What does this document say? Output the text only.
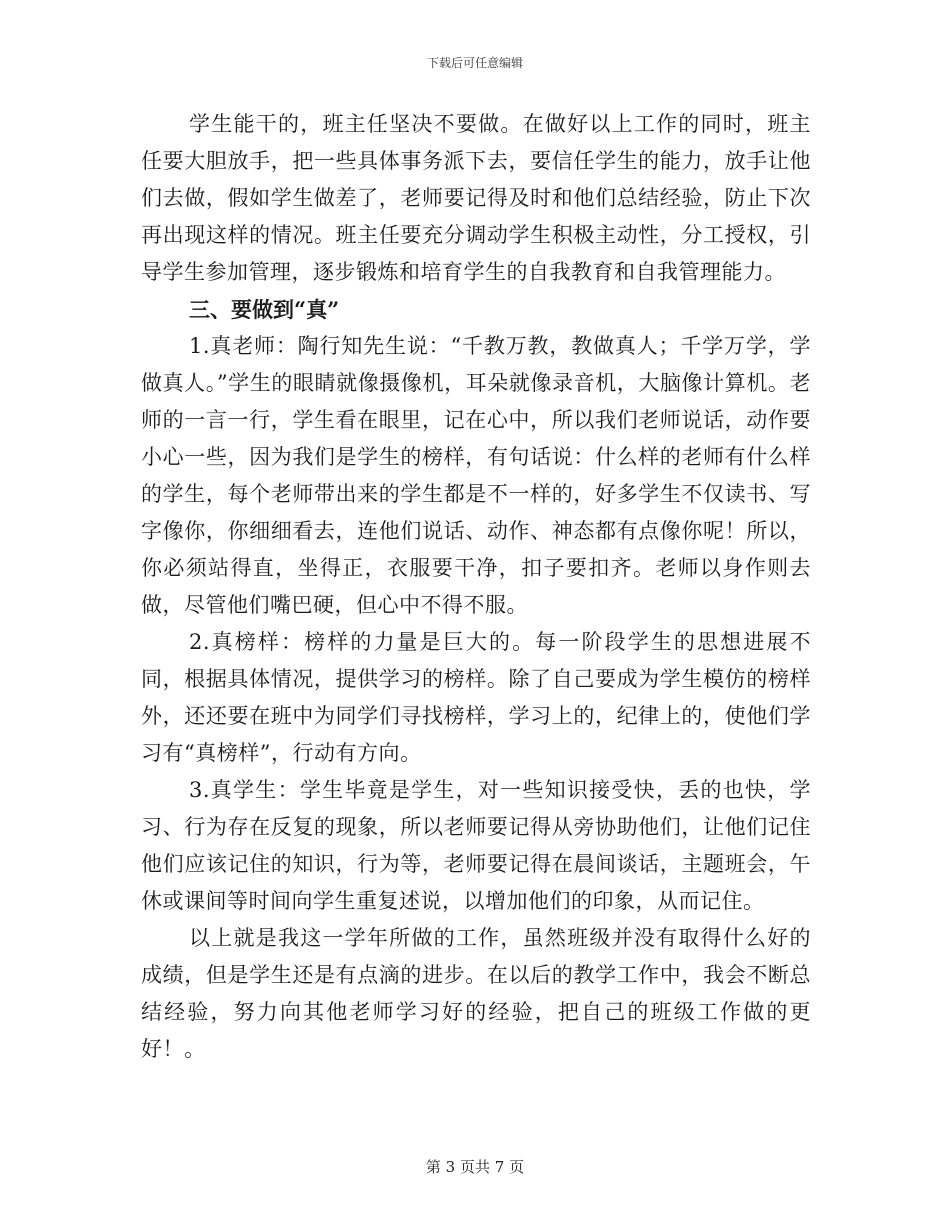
下载后可任意编辑

学生能干的，班主任坚决不要做。在做好以上工作的同时，班主任要大胆放手，把一些具体事务派下去，要信任学生的能力，放手让他们去做，假如学生做差了，老师要记得及时和他们总结经验，防止下次再出现这样的情况。班主任要充分调动学生积极主动性，分工授权，引导学生参加管理，逐步锻炼和培育学生的自我教育和自我管理能力。

三、要做到“真”

1.真老师：陶行知先生说：“千教万教，教做真人；千学万学，学做真人。”学生的眼睛就像摄像机，耳朵就像录音机，大脑像计算机。老师的一言一行，学生看在眼里，记在心中，所以我们老师说话，动作要小心一些，因为我们是学生的榜样，有句话说：什么样的老师有什么样的学生，每个老师带出来的学生都是不一样的，好多学生不仅读书、写字像你，你细细看去，连他们说话、动作、神态都有点像你呢！所以，你必须站得直，坐得正，衣服要干净，扣子要扣齐。老师以身作则去做，尽管他们嘴巴硬，但心中不得不服。

2.真榜样：榜样的力量是巨大的。每一阶段学生的思想进展不同，根据具体情况，提供学习的榜样。除了自己要成为学生模仿的榜样外，还还要在班中为同学们寻找榜样，学习上的，纪律上的，使他们学习有“真榜样”，行动有方向。

3.真学生：学生毕竟是学生，对一些知识接受快，丢的也快，学习、行为存在反复的现象，所以老师要记得从旁协助他们，让他们记住他们应该记住的知识，行为等，老师要记得在晨间谈话，主题班会，午休或课间等时间向学生重复述说，以增加他们的印象，从而记住。

以上就是我这一学年所做的工作，虽然班级并没有取得什么好的成绩，但是学生还是有点滴的进步。在以后的教学工作中，我会不断总结经验，努力向其他老师学习好的经验，把自己的班级工作做的更好！。

第 3 页共 7 页
